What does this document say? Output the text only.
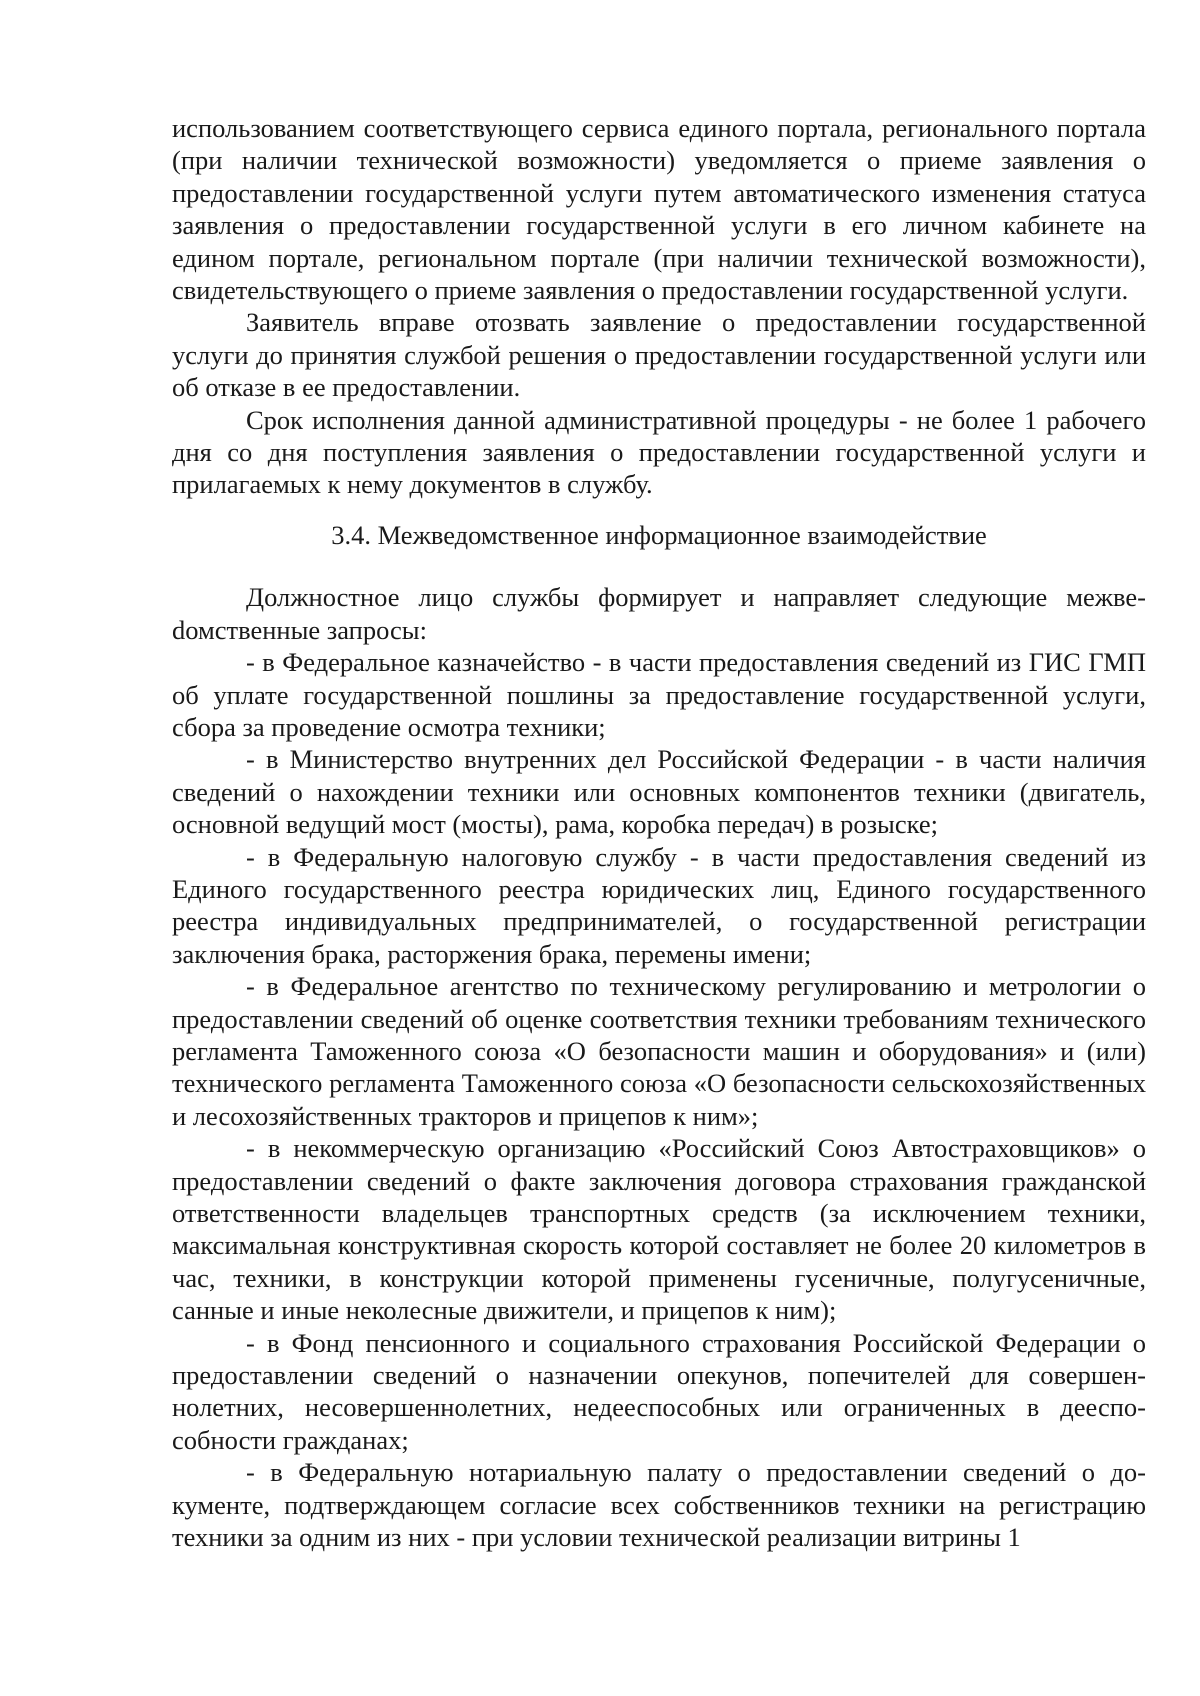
использованием соответствующего сервиса единого портала, регионального портала (при наличии технической возможности) уведомляется о приеме заявления о предоставлении государственной услуги путем автоматического изменения статуса заявления о предоставлении государственной услуги в его личном кабинете на едином портале, региональном портале (при наличии технической возможности), свидетельствующего о приеме заявления о предоставлении государственной услуги.

Заявитель вправе отозвать заявление о предоставлении государственной услуги до принятия службой решения о предоставлении государственной услуги или об отказе в ее предоставлении.

Срок исполнения данной административной процедуры - не более 1 рабочего дня со дня поступления заявления о предоставлении государственной услуги и прилагаемых к нему документов в службу.

3.4. Межведомственное информационное взаимодействие

Должностное лицо службы формирует и направляет следующие межвеdомственные запросы:

- в Федеральное казначейство - в части предоставления сведений из ГИС ГМП об уплате государственной пошлины за предоставление государственной услуги, сбора за проведение осмотра техники;

- в Министерство внутренних дел Российской Федерации - в части наличия сведений о нахождении техники или основных компонентов техники (двигатель, основной ведущий мост (мосты), рама, коробка передач) в розыске;

- в Федеральную налоговую службу - в части предоставления сведений из Единого государственного реестра юридических лиц, Единого государственного реестра индивидуальных предпринимателей, о государственной регистрации заключения брака, расторжения брака, перемены имени;

- в Федеральное агентство по техническому регулированию и метрологии о предоставлении сведений об оценке соответствия техники требованиям технического регламента Таможенного союза «О безопасности машин и оборудования» и (или) технического регламента Таможенного союза «О безопасности сельскохозяйственных и лесохозяйственных тракторов и прицепов к ним»;

- в некоммерческую организацию «Российский Союз Автостраховщиков» о предоставлении сведений о факте заключения договора страхования гражданской ответственности владельцев транспортных средств (за исключением техники, максимальная конструктивная скорость которой составляет не более 20 километров в час, техники, в конструкции которой применены гусеничные, полугусеничные, санные и иные неколесные движители, и прицепов к ним);

- в Фонд пенсионного и социального страхования Российской Федерации о предоставлении сведений о назначении опекунов, попечителей для совершеннолетних, несовершеннолетних, недееспособных или ограниченных в дееспособности гражданах;

- в Федеральную нотариальную палату о предоставлении сведений о документе, подтверждающем согласие всех собственников техники на регистрацию техники за одним из них - при условии технической реализации витрины 1
